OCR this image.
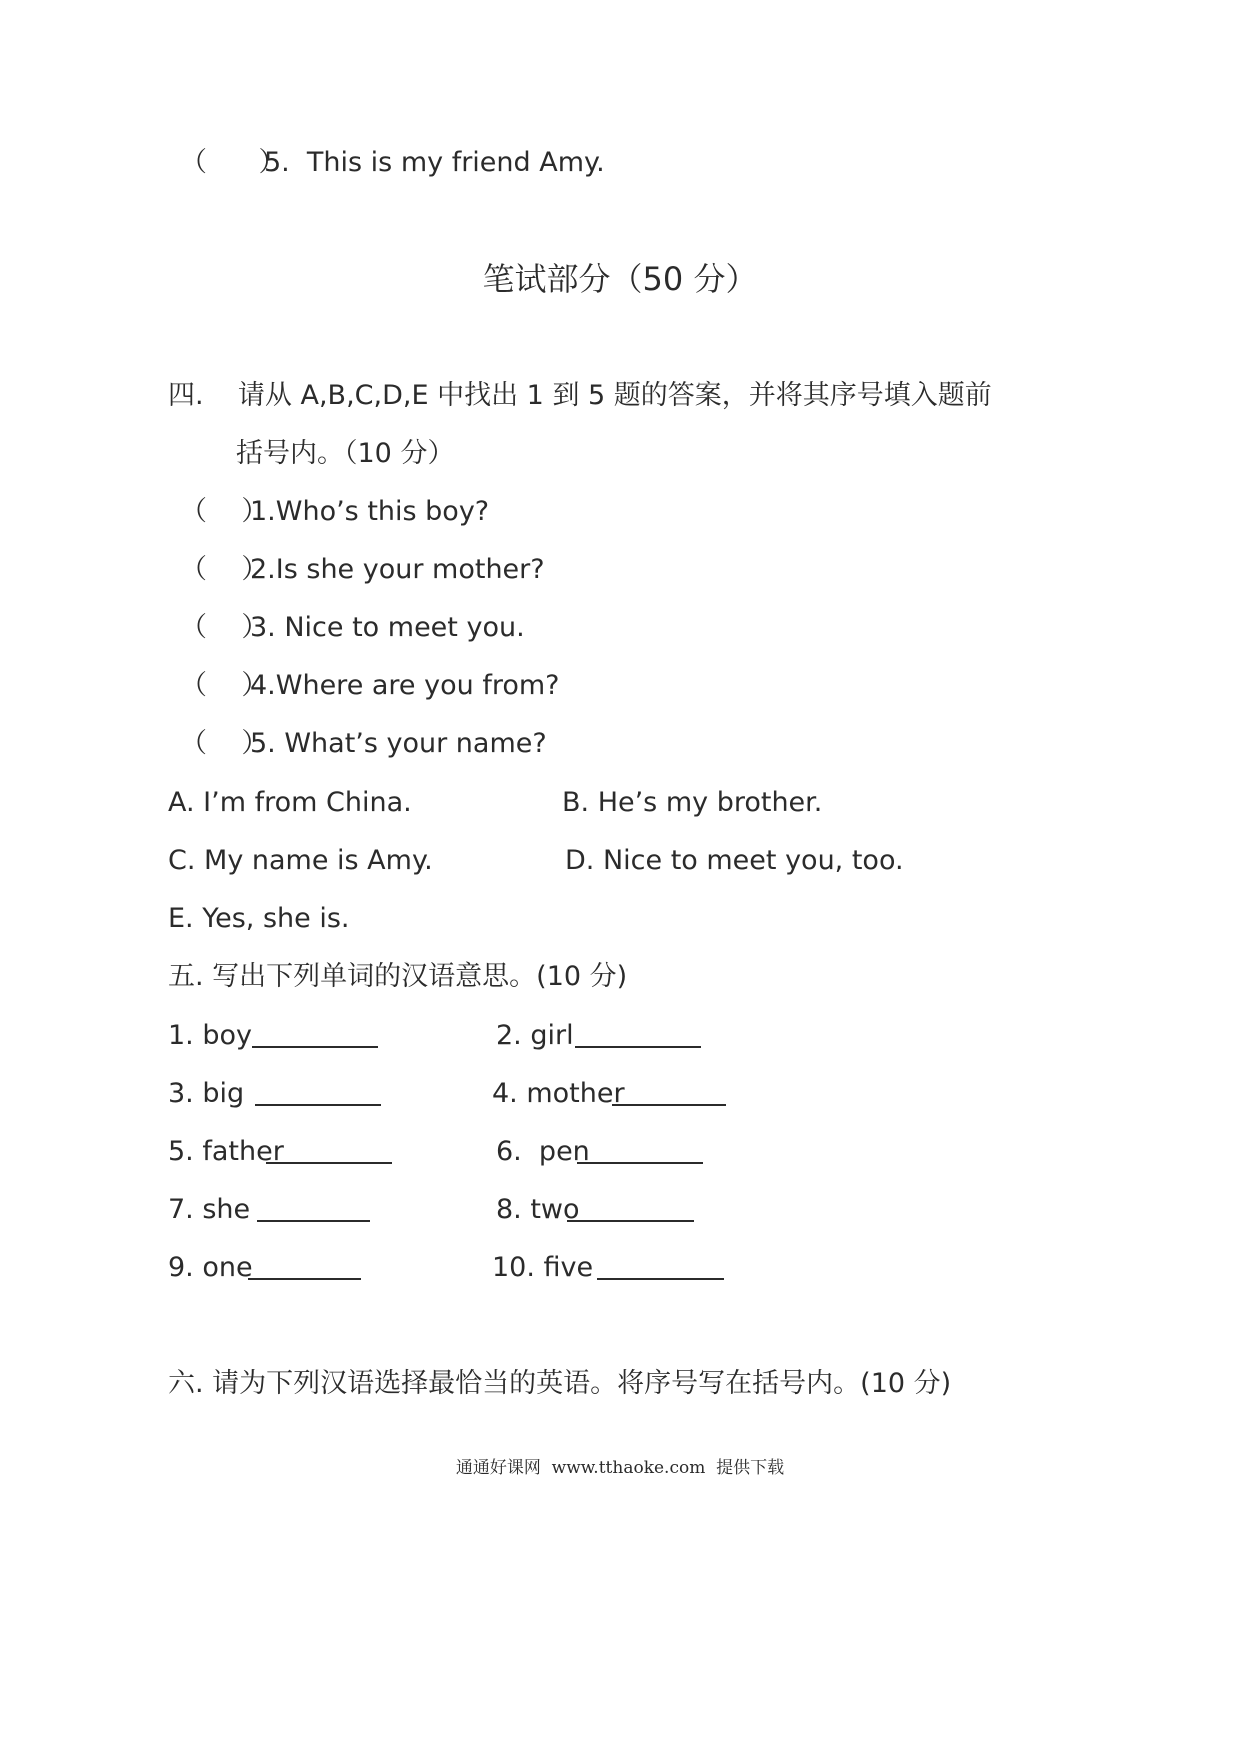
（      ）
5.  This is my friend Amy.
笔试部分（50 分）
四.    请从 A,B,C,D,E 中找出 1 到 5 题的答案，并将其序号填入题前
括号内。（10 分）
（    ）
1.Who’s this boy?
（    ）
2.Is she your mother?
（    ）
3. Nice to meet you.
（    ）
4.Where are you from?
（    ）
5. What’s your name?
A. I’m from China.	B. He’s my brother.
C. My name is Amy.	D. Nice to meet you, too.
E. Yes, she is.
五. 写出下列单词的汉语意思。(10 分)
1. boy	2. girl
3. big	4. mother
5. father	6.  pen
7. she	8. two
9. one	10. five
六. 请为下列汉语选择最恰当的英语。将序号写在括号内。(10 分)
通通好课网  www.tthaoke.com  提供下载
